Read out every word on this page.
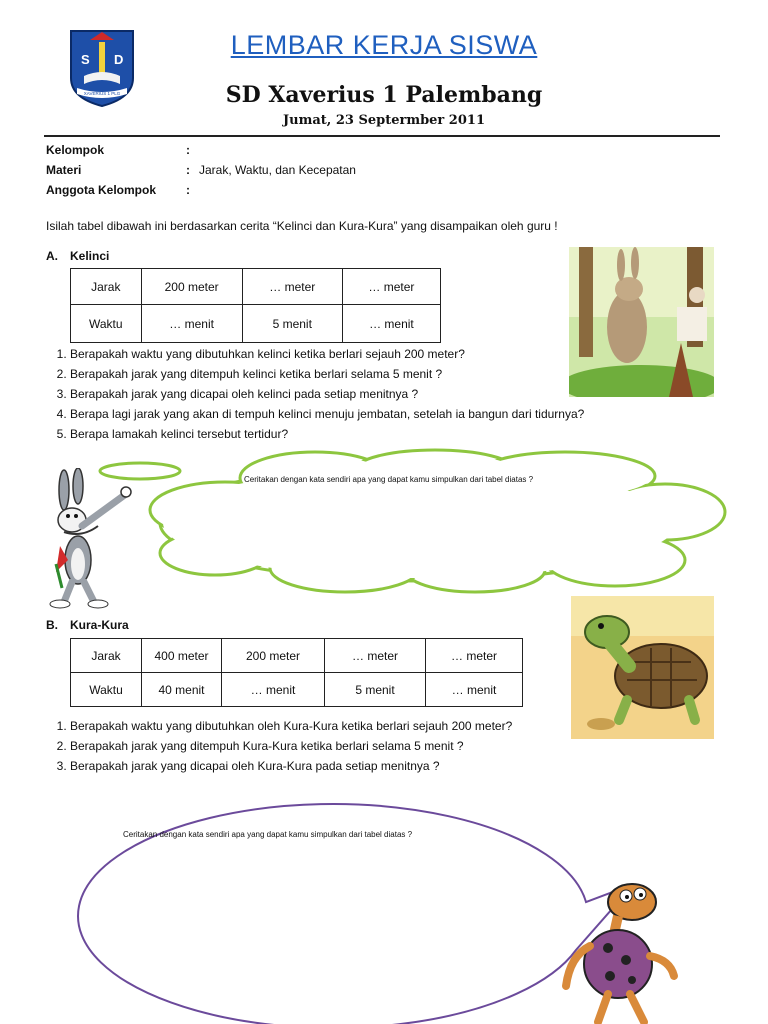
S D
XAVERIUS 1 PLG
LEMBAR KERJA SISWA
SD Xaverius 1 Palembang
Jumat, 23 Septermber 2011
Kelompok	:
Materi	: Jarak, Waktu, dan Kecepatan
Anggota Kelompok	:
Isilah tabel dibawah ini berdasarkan cerita “Kelinci dan Kura-Kura” yang disampaikan oleh guru !
A. Kelinci
Jarak	200 meter	… meter	… meter
Waktu	… menit	5 menit	… menit
1. Berapakah waktu yang dibutuhkan kelinci ketika berlari sejauh 200 meter?
2. Berapakah jarak yang ditempuh kelinci ketika berlari selama 5 menit ?
3. Berapakah jarak yang dicapai oleh kelinci pada setiap menitnya ?
4. Berapa lagi jarak yang akan di tempuh kelinci menuju jembatan, setelah ia bangun dari tidurnya?
5. Berapa lamakah kelinci tersebut tertidur?
Ceritakan dengan kata sendiri apa yang dapat kamu simpulkan dari tabel diatas ?
B. Kura-Kura
Jarak	400 meter	200 meter	… meter	… meter
Waktu	40 menit	… menit	5 menit	… menit
1. Berapakah waktu yang dibutuhkan oleh Kura-Kura ketika berlari sejauh 200 meter?
2. Berapakah jarak yang ditempuh Kura-Kura ketika berlari selama 5 menit ?
3. Berapakah jarak yang dicapai oleh Kura-Kura pada setiap menitnya ?
Ceritakan dengan kata sendiri apa yang dapat kamu simpulkan dari tabel diatas ?
